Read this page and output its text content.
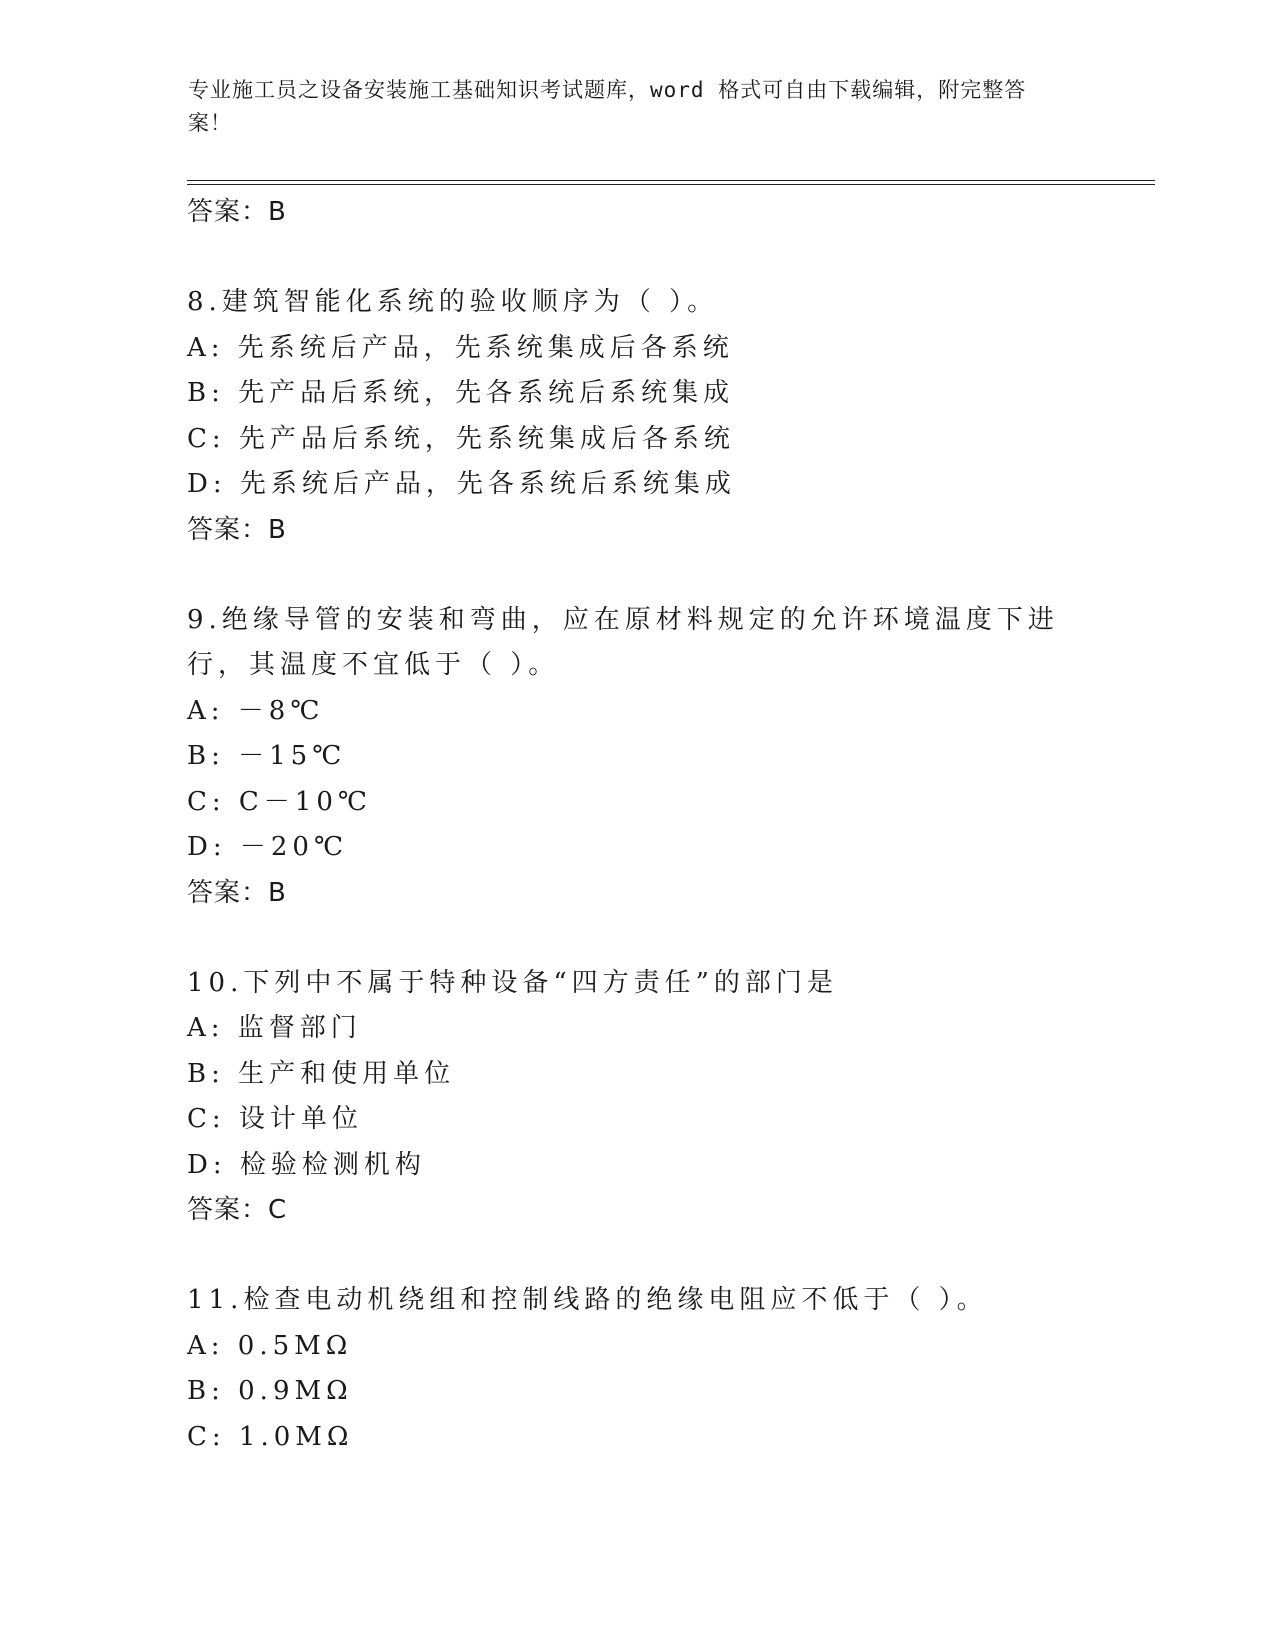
专业施工员之设备安装施工基础知识考试题库，word 格式可自由下载编辑，附完整答案！
答案：B
8.建筑智能化系统的验收顺序为（ ）。
A: 先系统后产品，先系统集成后各系统
B: 先产品后系统，先各系统后系统集成
C: 先产品后系统，先系统集成后各系统
D: 先系统后产品，先各系统后系统集成
答案：B
9.绝缘导管的安装和弯曲，应在原材料规定的允许环境温度下进行，其温度不宜低于（ ）。
A: －8℃
B: －15℃
C: C－10℃
D: －20℃
答案：B
10.下列中不属于特种设备“四方责任”的部门是
A: 监督部门
B: 生产和使用单位
C: 设计单位
D: 检验检测机构
答案：C
11.检查电动机绕组和控制线路的绝缘电阻应不低于（ ）。
A: 0.5MΩ
B: 0.9MΩ
C: 1.0MΩ
